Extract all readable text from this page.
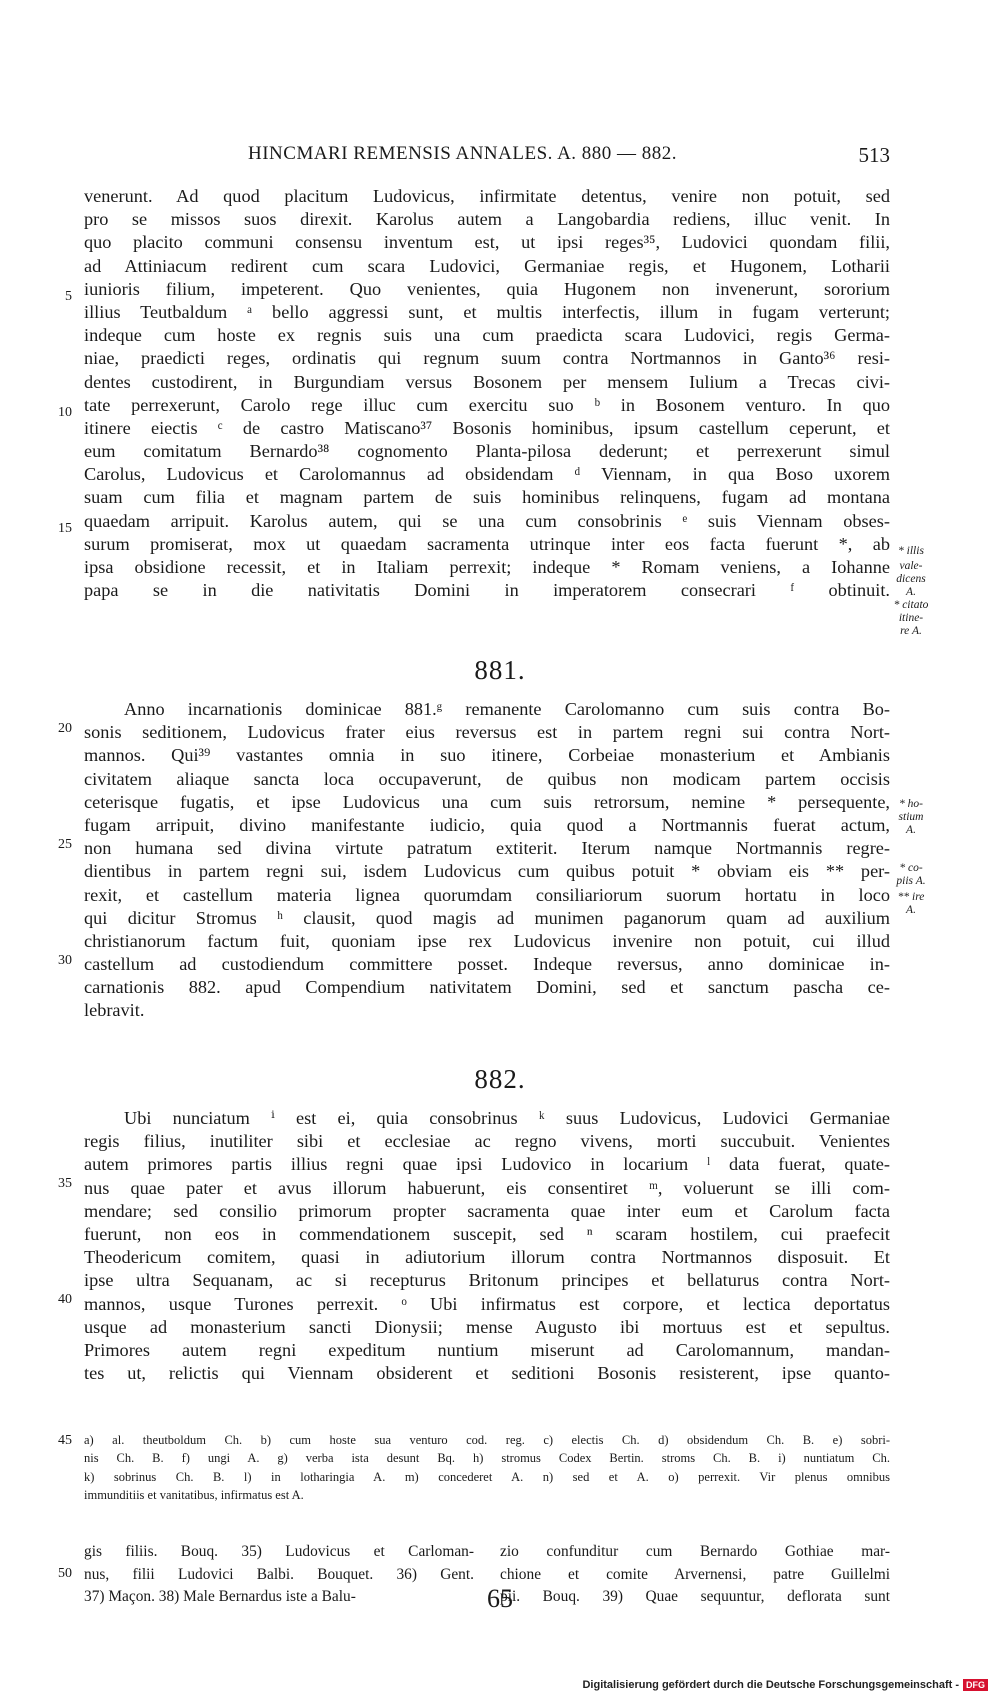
HINCMARI REMENSIS ANNALES. A. 880 — 882.	513
venerunt. Ad quod placitum Ludovicus, infirmitate detentus, venire non potuit, sed
pro se missos suos direxit. Karolus autem a Langobardia rediens, illuc venit. In
quo placito communi consensu inventum est, ut ipsi reges³⁵, Ludovici quondam filii,
ad Attiniacum redirent cum scara Ludovici, Germaniae regis, et Hugonem, Lotharii
iunioris filium, impeterent. Quo venientes, quia Hugonem non invenerunt, sororium
illius Teutbaldum ᵃ bello aggressi sunt, et multis interfectis, illum in fugam verterunt;
indeque cum hoste ex regnis suis una cum praedicta scara Ludovici, regis Germa-
niae, praedicti reges, ordinatis qui regnum suum contra Nortmannos in Ganto³⁶ resi-
dentes custodirent, in Burgundiam versus Bosonem per mensem Iulium a Trecas civi-
tate perrexerunt, Carolo rege illuc cum exercitu suo ᵇ in Bosonem venturo. In quo
itinere eiectis ᶜ de castro Matiscano³⁷ Bosonis hominibus, ipsum castellum ceperunt, et
eum comitatum Bernardo³⁸ cognomento Planta-pilosa dederunt; et perrexerunt simul
Carolus, Ludovicus et Carolomannus ad obsidendam ᵈ Viennam, in qua Boso uxorem
suam cum filia et magnam partem de suis hominibus relinquens, fugam ad montana
quaedam arripuit. Karolus autem, qui se una cum consobrinis ᵉ suis Viennam obses-
surum promiserat, mox ut quaedam sacramenta utrinque inter eos facta fuerunt *, ab
ipsa obsidione recessit, et in Italiam perrexit; indeque * Romam veniens, a Iohanne
papa se in die nativitatis Domini in imperatorem consecrari ᶠ obtinuit.
5
10
15
* illis
vale-
dicens
A.
* citato
itine-
re A.
881.
Anno incarnationis dominicae 881.ᵍ remanente Carolomanno cum suis contra Bo-
sonis seditionem, Ludovicus frater eius reversus est in partem regni sui contra Nort-
mannos. Qui³⁹ vastantes omnia in suo itinere, Corbeiae monasterium et Ambianis
civitatem aliaque sancta loca occupaverunt, de quibus non modicam partem occisis
ceterisque fugatis, et ipse Ludovicus una cum suis retrorsum, nemine * persequente,
fugam arripuit, divino manifestante iudicio, quia quod a Nortmannis fuerat actum,
non humana sed divina virtute patratum extiterit. Iterum namque Nortmannis regre-
dientibus in partem regni sui, isdem Ludovicus cum quibus potuit * obviam eis ** per-
rexit, et castellum materia lignea quorumdam consiliariorum suorum hortatu in loco
qui dicitur Stromus ʰ clausit, quod magis ad munimen paganorum quam ad auxilium
christianorum factum fuit, quoniam ipse rex Ludovicus invenire non potuit, cui illud
castellum ad custodiendum committere posset. Indeque reversus, anno dominicae in-
carnationis 882. apud Compendium nativitatem Domini, sed et sanctum pascha ce-
lebravit.
20
25
30
* ho-
stium
A.
* co-
piis A.
** ire
A.
882.
Ubi nunciatum ⁱ est ei, quia consobrinus ᵏ suus Ludovicus, Ludovici Germaniae
regis filius, inutiliter sibi et ecclesiae ac regno vivens, morti succubuit. Venientes
autem primores partis illius regni quae ipsi Ludovico in locarium ˡ data fuerat, quate-
nus quae pater et avus illorum habuerunt, eis consentiret ᵐ, voluerunt se illi com-
mendare; sed consilio primorum propter sacramenta quae inter eum et Carolum facta
fuerunt, non eos in commendationem suscepit, sed ⁿ scaram hostilem, cui praefecit
Theodericum comitem, quasi in adiutorium illorum contra Nortmannos disposuit. Et
ipse ultra Sequanam, ac si recepturus Britonum principes et bellaturus contra Nort-
mannos, usque Turones perrexit. ᵒ Ubi infirmatus est corpore, et lectica deportatus
usque ad monasterium sancti Dionysii; mense Augusto ibi mortuus est et sepultus.
Primores autem regni expeditum nuntium miserunt ad Carolomannum, mandan-
tes ut, relictis qui Viennam obsiderent et seditioni Bosonis resisterent, ipse quanto-
35
40
a) al. theutboldum Ch. b) cum hoste sua venturo cod. reg. c) electis Ch. d) obsidendum Ch. B. e) sobri-
nis Ch. B. f) ungi A. g) verba ista desunt Bq. h) stromus Codex Bertin. stroms Ch. B. i) nuntiatum Ch.
k) sobrinus Ch. B. l) in lotharingia A. m) concederet A. n) sed et A. o) perrexit. Vir plenus omnibus
immunditiis et vanitatibus, infirmatus est A.
45
gis filiis. Bouq. 35) Ludovicus et Carloman-
nus, filii Ludovici Balbi. Bouquet. 36) Gent.
37) Maçon. 38) Male Bernardus iste a Balu-
zio confunditur cum Bernardo Gothiae mar-
chione et comite Arvernensi, patre Guillelmi
pii. Bouq. 39) Quae sequuntur, deflorata sunt
50
65
Digitalisierung gefördert durch die Deutsche Forschungsgemeinschaft - DFG
